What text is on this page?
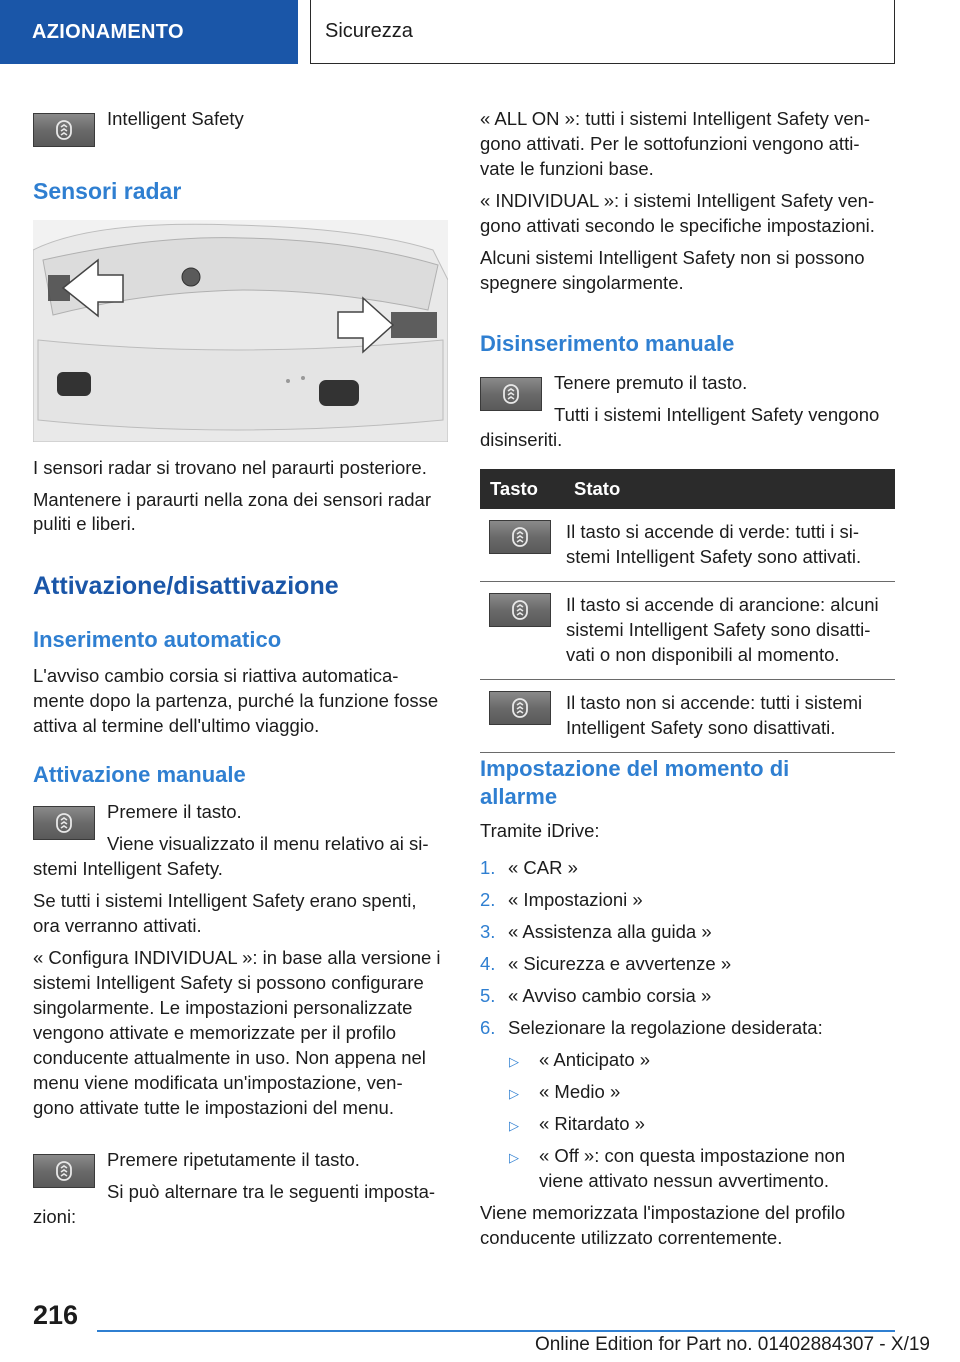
AZIONAMENTO	Sicurezza
Intelligent Safety
Sensori radar
I sensori radar si trovano nel paraurti posteriore.
Mantenere i paraurti nella zona dei sensori radar
puliti e liberi.
Attivazione/disattivazione
Inserimento automatico
L'avviso cambio corsia si riattiva automatica-
mente dopo la partenza, purché la funzione fosse
attiva al termine dell'ultimo viaggio.
Attivazione manuale
Premere il tasto.
Viene visualizzato il menu relativo ai si-
stemi Intelligent Safety.
Se tutti i sistemi Intelligent Safety erano spenti,
ora verranno attivati.
« Configura INDIVIDUAL »: in base alla versione i
sistemi Intelligent Safety si possono configurare
singolarmente. Le impostazioni personalizzate
vengono attivate e memorizzate per il profilo
conducente attualmente in uso. Non appena nel
menu viene modificata un'impostazione, ven-
gono attivate tutte le impostazioni del menu.
Premere ripetutamente il tasto.
Si può alternare tra le seguenti imposta-
zioni:
« ALL ON »: tutti i sistemi Intelligent Safety ven-
gono attivati. Per le sottofunzioni vengono atti-
vate le funzioni base.
« INDIVIDUAL »: i sistemi Intelligent Safety ven-
gono attivati secondo le specifiche impostazioni.
Alcuni sistemi Intelligent Safety non si possono
spegnere singolarmente.
Disinserimento manuale
Tenere premuto il tasto.
Tutti i sistemi Intelligent Safety vengono
disinseriti.
Tasto	Stato

Il tasto si accende di verde: tutti i si-
stemi Intelligent Safety sono attivati.

Il tasto si accende di arancione: alcuni
sistemi Intelligent Safety sono disatti-
vati o non disponibili al momento.

Il tasto non si accende: tutti i sistemi
Intelligent Safety sono disattivati.
Impostazione del momento di
allarme
Tramite iDrive:
1. « CAR »
2. « Impostazioni »
3. « Assistenza alla guida »
4. « Sicurezza e avvertenze »
5. « Avviso cambio corsia »
6. Selezionare la regolazione desiderata:
▷ « Anticipato »
▷ « Medio »
▷ « Ritardato »
▷ « Off »: con questa impostazione non
viene attivato nessun avvertimento.
Viene memorizzata l'impostazione del profilo
conducente utilizzato correntemente.
216
Online Edition for Part no. 01402884307 - X/19
